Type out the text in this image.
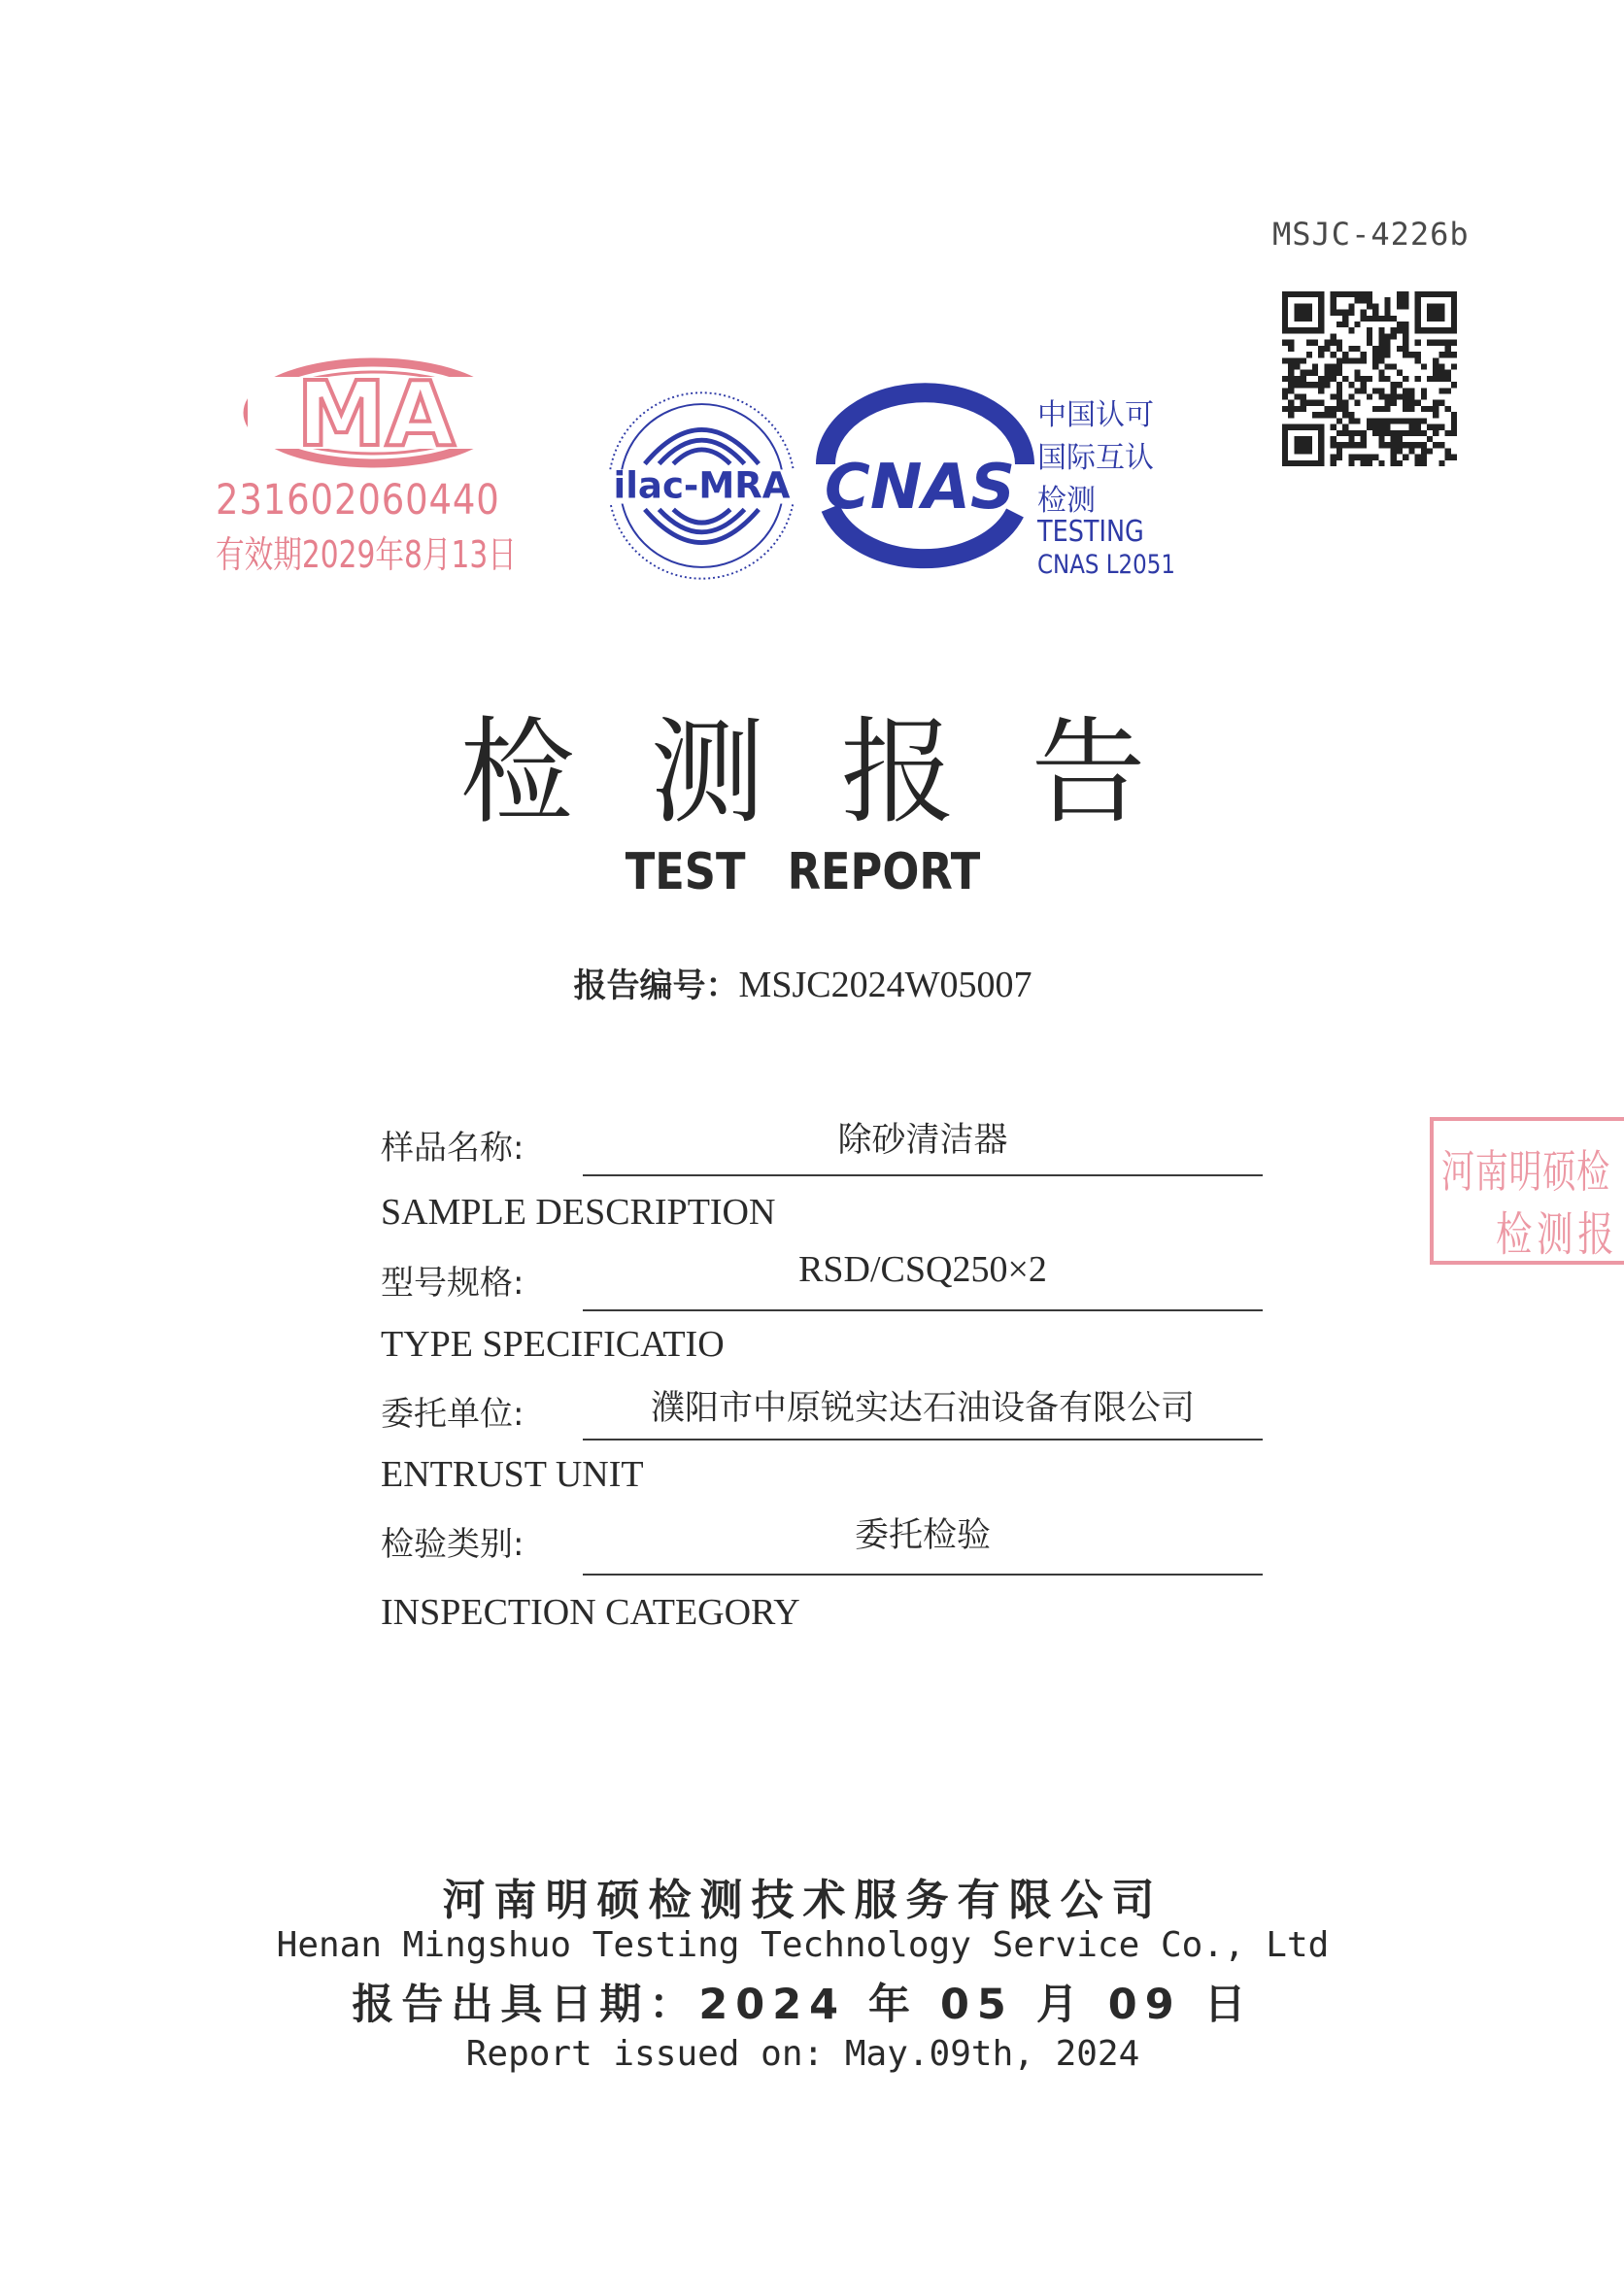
MSJC-4226b
MA
231602060440
有效期2029年8月13日
ilac-MRA CNAS
中国认可
国际互认
检测
TESTING
CNAS L2051
检测报告
TEST REPORT
报告编号：MSJC2024W05007
样品名称:	除砂清洁器
SAMPLE DESCRIPTION
型号规格:	RSD/CSQ250×2
TYPE SPECIFICATIO
委托单位:	濮阳市中原锐实达石油设备有限公司
ENTRUST UNIT
检验类别:	委托检验
INSPECTION CATEGORY
河南明硕检
检测报
河南明硕检测技术服务有限公司
Henan Mingshuo Testing Technology Service Co., Ltd
报告出具日期：2024 年 05 月 09 日
Report issued on: May.09th, 2024
